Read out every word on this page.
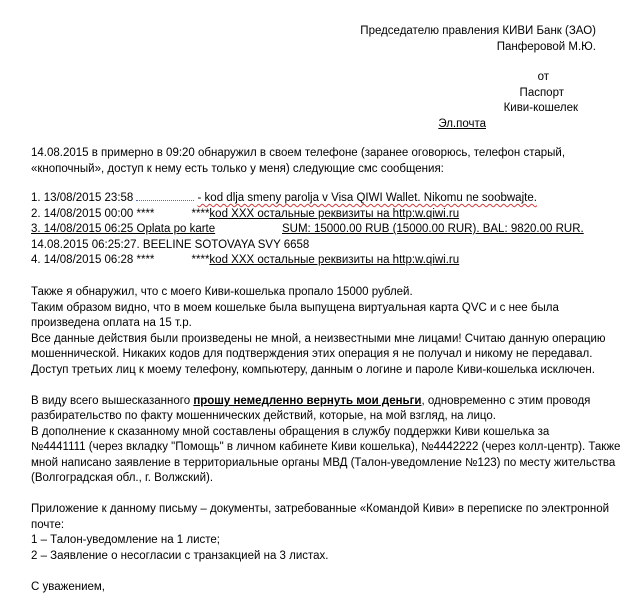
Председателю правления КИВИ Банк (ЗАО)
Панферовой М.Ю.
от
Паспорт
Киви-кошелек
Эл.почта
14.08.2015 в примерно в 09:20 обнаружил в своем телефоне (заранее оговорюсь, телефон старый,
«кнопочный», доступ к нему есть только у меня) следующие смс сообщения:
1. 13/08/2015 23:58	- kod dlja smeny parolja v Visa QIWI Wallet. Nikomu ne soobwajte.
2. 14/08/2015 00:00 ****	****kod XXX остальные реквизиты на http:w.qiwi.ru
3. 14/08/2015 06:25 Oplata po karte	SUM: 15000.00 RUB (15000.00 RUR). BAL: 9820.00 RUR.
14.08.2015 06:25:27. BEELINE SOTOVAYA SVY 6658
4. 14/08/2015 06:28 ****	****kod XXX остальные реквизиты на http:w.qiwi.ru
Также я обнаружил, что с моего Киви-кошелька пропало 15000 рублей.
Таким образом видно, что в моем кошельке была выпущена виртуальная карта QVC и с нее была
произведена оплата на 15 т.р.
Все данные действия были произведены не мной, а неизвестными мне лицами! Считаю данную операцию
мошеннической. Никаких кодов для подтверждения этих операция я не получал и никому не передавал.
Доступ третьих лиц к моему телефону, компьютеру, данным о логине и пароле Киви-кошелька исключен.
В виду всего вышесказанного прошу немедленно вернуть мои деньги, одновременно с этим проводя
разбирательство по факту мошеннических действий, которые, на мой взгляд, на лицо.
В дополнение к сказанному мной составлены обращения в службу поддержки Киви кошелька за
№4441111 (через вкладку "Помощь" в личном кабинете Киви кошелька), №4442222 (через колл-центр). Также
мной написано заявление в территориальные органы МВД (Талон-уведомление №123) по месту жительства
(Волгоградская обл., г. Волжский).
Приложение к данному письму – документы, затребованные «Командой Киви» в переписке по электронной
почте:
1 – Талон-уведомление на 1 листе;
2 – Заявление о несогласии с транзакцией на 3 листах.
С уважением,
